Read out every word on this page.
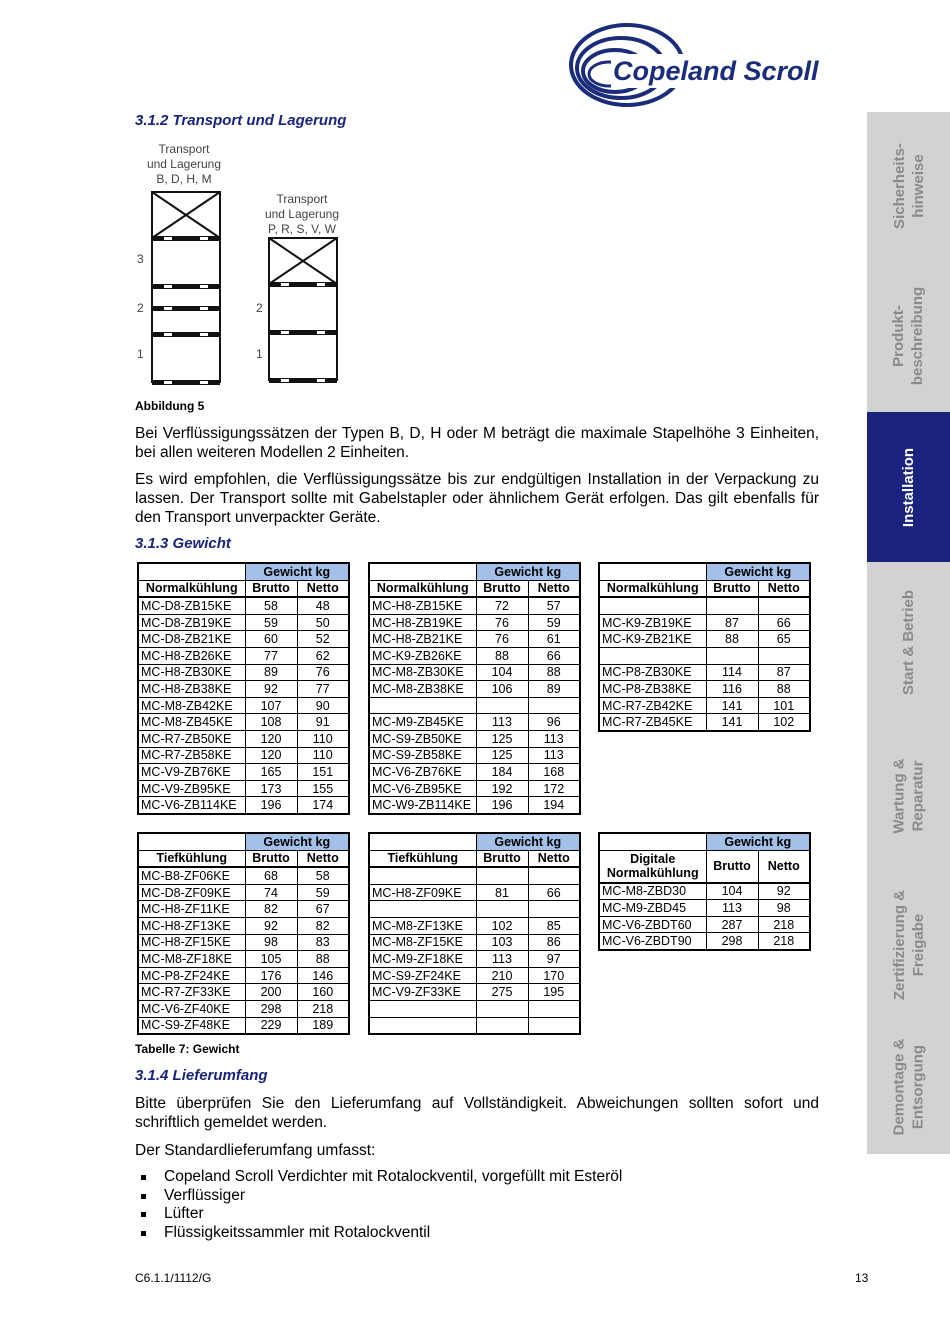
Copeland Scroll
Sicherheits-
hinweise
Produkt-
beschreibung
Installation
Start & Betrieb
Wartung &
Reparatur
Zertifizierung &
Freigabe
Demontage &
Entsorgung
3.1.2 Transport und Lagerung
Transport
und Lagerung
B, D, H, M
Transport
und Lagerung
P, R, S, V, W
3
2
1
2
1
Abbildung 5
Bei Verflüssigungssätzen der Typen B, D, H oder M beträgt die maximale Stapelhöhe 3 Einheiten, bei allen weiteren Modellen 2 Einheiten.
Es wird empfohlen, die Verflüssigungssätze bis zur endgültigen Installation in der Verpackung zu lassen. Der Transport sollte mit Gabelstapler oder ähnlichem Gerät erfolgen. Das gilt ebenfalls für den Transport unverpackter Geräte.
3.1.3 Gewicht
	Gewicht kg	
Normalkühlung	Brutto	Netto
MC-D8-ZB15KE	58	48
MC-D8-ZB19KE	59	50
MC-D8-ZB21KE	60	52
MC-H8-ZB26KE	77	62
MC-H8-ZB30KE	89	76
MC-H8-ZB38KE	92	77
MC-M8-ZB42KE	107	90
MC-M8-ZB45KE	108	91
MC-R7-ZB50KE	120	110
MC-R7-ZB58KE	120	110
MC-V9-ZB76KE	165	151
MC-V9-ZB95KE	173	155
MC-V6-ZB114KE	196	174
	Gewicht kg	
Normalkühlung	Brutto	Netto
MC-H8-ZB15KE	72	57
MC-H8-ZB19KE	76	59
MC-H8-ZB21KE	76	61
MC-K9-ZB26KE	88	66
MC-M8-ZB30KE	104	88
MC-M8-ZB38KE	106	89

MC-M9-ZB45KE	113	96
MC-S9-ZB50KE	125	113
MC-S9-ZB58KE	125	113
MC-V6-ZB76KE	184	168
MC-V6-ZB95KE	192	172
MC-W9-ZB114KE	196	194
	Gewicht kg	
Normalkühlung	Brutto	Netto

MC-K9-ZB19KE	87	66
MC-K9-ZB21KE	88	65

MC-P8-ZB30KE	114	87
MC-P8-ZB38KE	116	88
MC-R7-ZB42KE	141	101
MC-R7-ZB45KE	141	102
	Gewicht kg	
Tiefkühlung	Brutto	Netto
MC-B8-ZF06KE	68	58
MC-D8-ZF09KE	74	59
MC-H8-ZF11KE	82	67
MC-H8-ZF13KE	92	82
MC-H8-ZF15KE	98	83
MC-M8-ZF18KE	105	88
MC-P8-ZF24KE	176	146
MC-R7-ZF33KE	200	160
MC-V6-ZF40KE	298	218
MC-S9-ZF48KE	229	189
	Gewicht kg	
Tiefkühlung	Brutto	Netto

MC-H8-ZF09KE	81	66

MC-M8-ZF13KE	102	85
MC-M8-ZF15KE	103	86
MC-M9-ZF18KE	113	97
MC-S9-ZF24KE	210	170
MC-V9-ZF33KE	275	195

	Gewicht kg	
Digitale
Normalkühlung	Brutto	Netto
MC-M8-ZBD30	104	92
MC-M9-ZBD45	113	98
MC-V6-ZBDT60	287	218
MC-V6-ZBDT90	298	218
Tabelle 7: Gewicht
3.1.4 Lieferumfang
Bitte überprüfen Sie den Lieferumfang auf Vollständigkeit. Abweichungen sollten sofort und schriftlich gemeldet werden.
Der Standardlieferumfang umfasst:
Copeland Scroll Verdichter mit Rotalockventil, vorgefüllt mit Esteröl
Verflüssiger
Lüfter
Flüssigkeitssammler mit Rotalockventil
C6.1.1/1112/G	13
